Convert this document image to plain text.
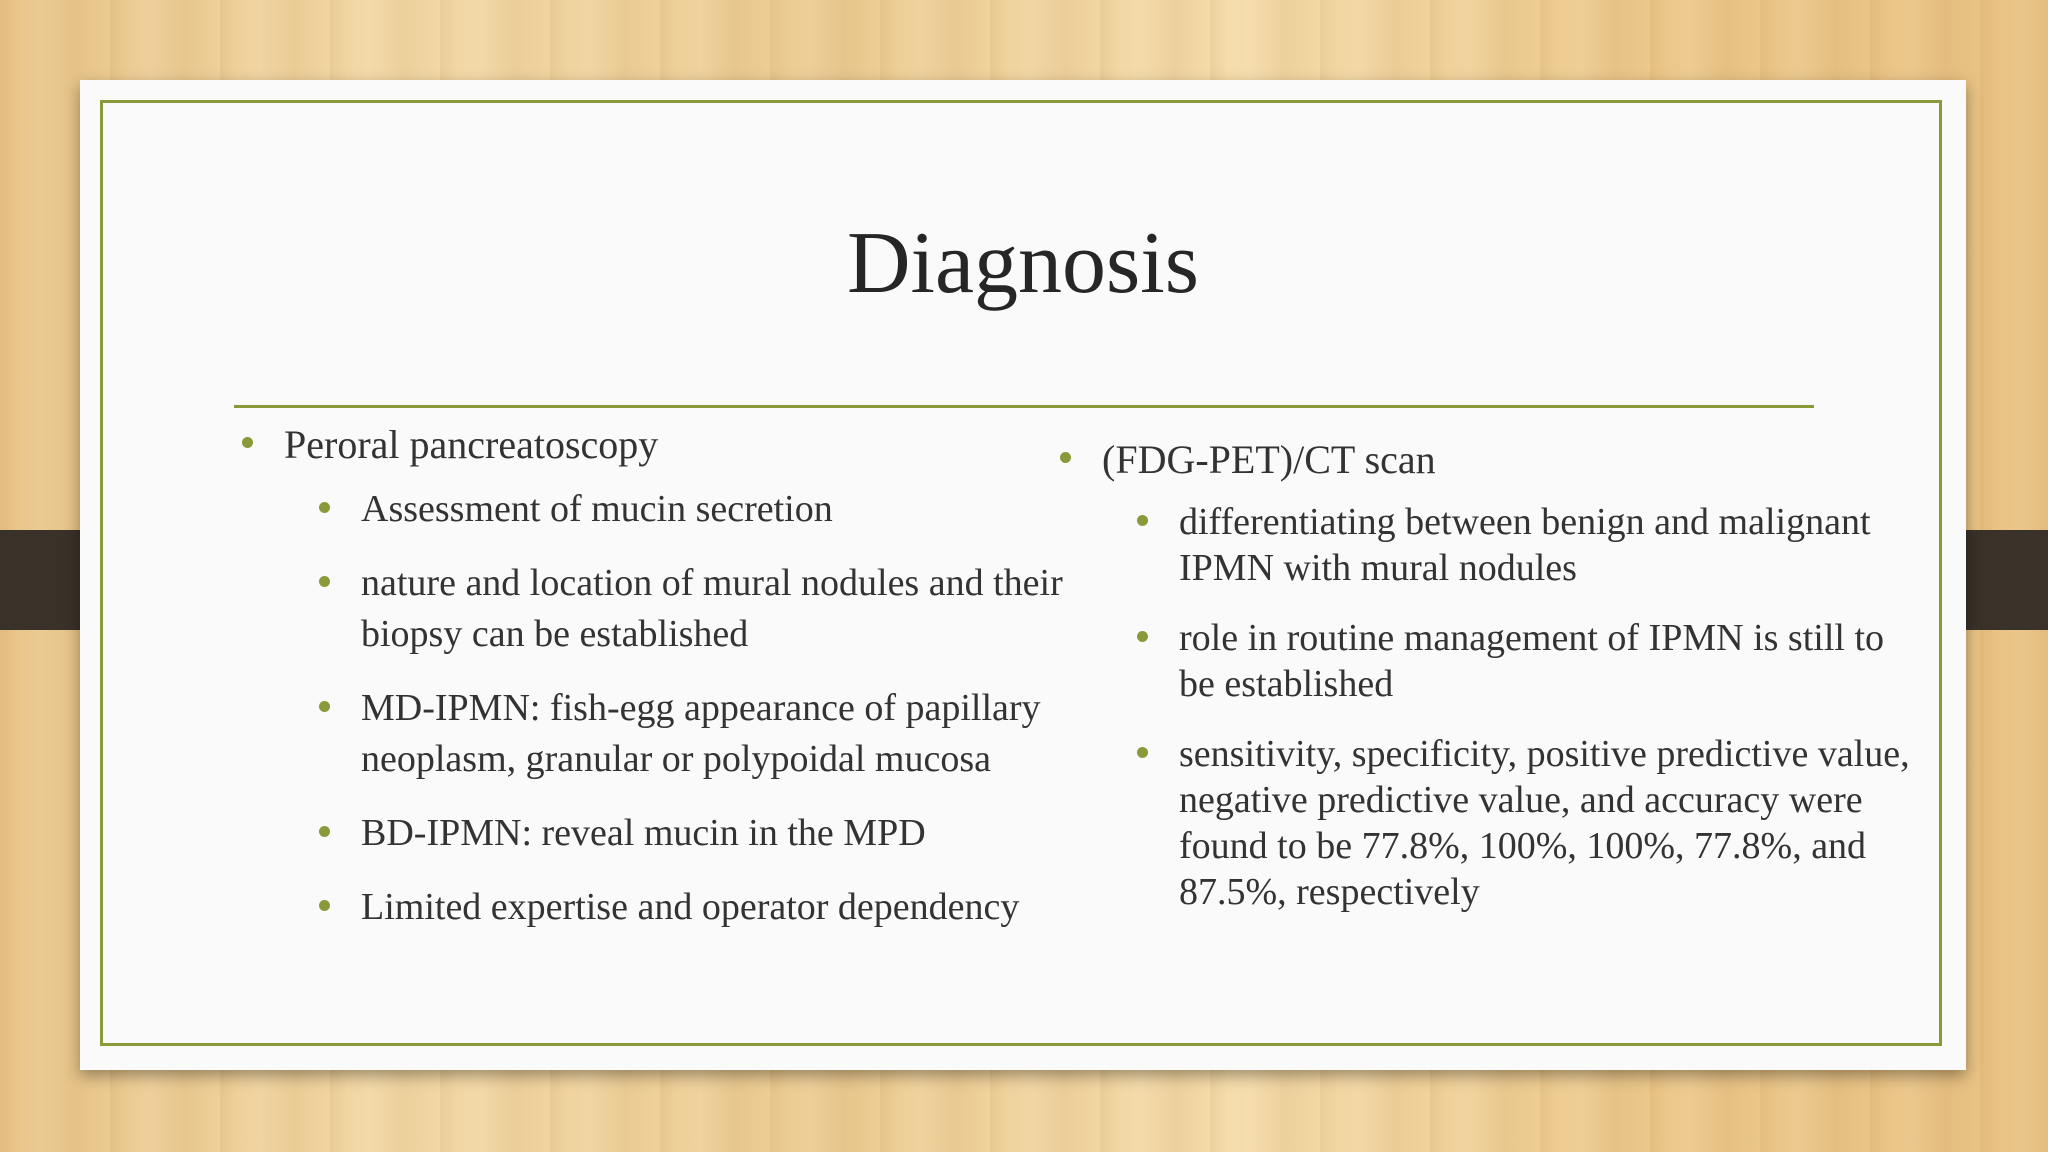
Diagnosis
Peroral pancreatoscopy
Assessment of mucin secretion
nature and location of mural nodules and their biopsy can be established
MD-IPMN: fish-egg appearance of papillary neoplasm, granular or polypoidal mucosa
BD-IPMN: reveal mucin in the MPD
Limited expertise and operator dependency
(FDG-PET)/CT scan
differentiating between benign and malignant IPMN with mural nodules
role in routine management of IPMN is still to be established
sensitivity, specificity, positive predictive value, negative predictive value, and accuracy were found to be 77.8%, 100%, 100%, 77.8%, and 87.5%, respectively
